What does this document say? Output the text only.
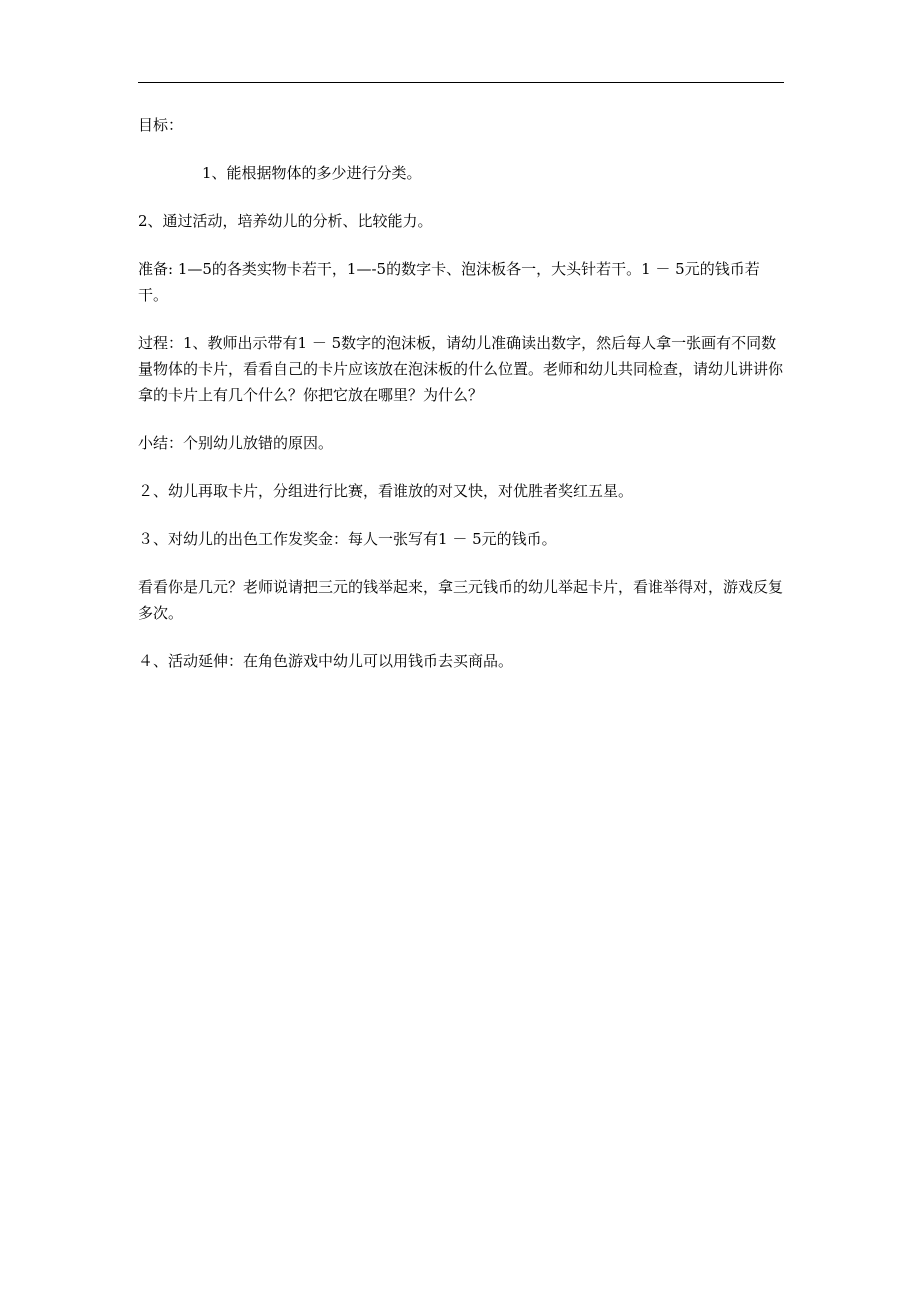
目标：

1、能根据物体的多少进行分类。

2、通过活动，培养幼儿的分析、比较能力。

准备: 1—5的各类实物卡若干，1—-5的数字卡、泡沫板各一，大头针若干。1 － 5元的钱币若干。

过程：1、教师出示带有1 － 5数字的泡沫板，请幼儿准确读出数字，然后每人拿一张画有不同数量物体的卡片，看看自己的卡片应该放在泡沫板的什么位置。老师和幼儿共同检查，请幼儿讲讲你拿的卡片上有几个什么？你把它放在哪里？为什么？

小结：个别幼儿放错的原因。

２、幼儿再取卡片，分组进行比赛，看谁放的对又快，对优胜者奖红五星。

３、对幼儿的出色工作发奖金：每人一张写有1 － 5元的钱币。

看看你是几元？老师说请把三元的钱举起来，拿三元钱币的幼儿举起卡片，看谁举得对，游戏反复多次。

４、活动延伸：在角色游戏中幼儿可以用钱币去买商品。
